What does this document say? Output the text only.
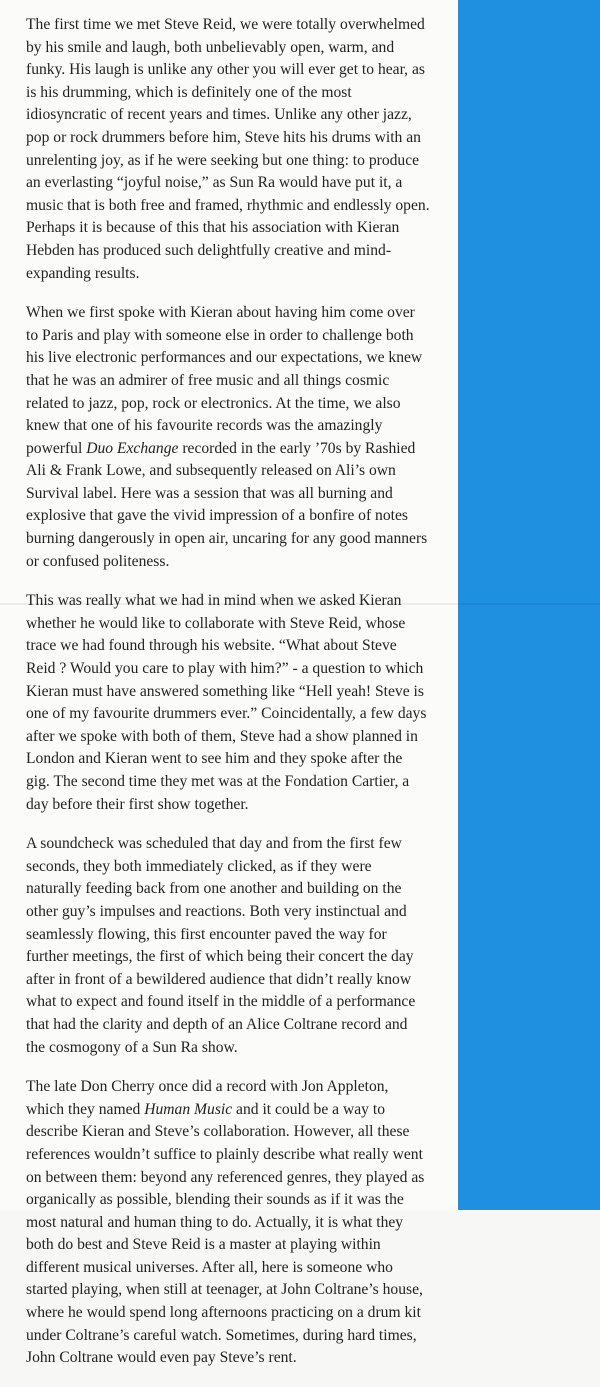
The first time we met Steve Reid, we were totally overwhelmed by his smile and laugh, both unbelievably open, warm, and funky. His laugh is unlike any other you will ever get to hear, as is his drumming, which is definitely one of the most idiosyncratic of recent years and times. Unlike any other jazz, pop or rock drummers before him, Steve hits his drums with an unrelenting joy, as if he were seeking but one thing: to produce an everlasting “joyful noise,” as Sun Ra would have put it, a music that is both free and framed, rhythmic and endlessly open. Perhaps it is because of this that his association with Kieran Hebden has produced such delightfully creative and mind-expanding results.

When we first spoke with Kieran about having him come over to Paris and play with someone else in order to challenge both his live electronic performances and our expectations, we knew that he was an admirer of free music and all things cosmic related to jazz, pop, rock or electronics. At the time, we also knew that one of his favourite records was the amazingly powerful Duo Exchange recorded in the early ’70s by Rashied Ali & Frank Lowe, and subsequently released on Ali’s own Survival label. Here was a session that was all burning and explosive that gave the vivid impression of a bonfire of notes burning dangerously in open air, uncaring for any good manners or confused politeness.

This was really what we had in mind when we asked Kieran whether he would like to collaborate with Steve Reid, whose trace we had found through his website. “What about Steve Reid ? Would you care to play with him?” - a question to which Kieran must have answered something like “Hell yeah! Steve is one of my favourite drummers ever.” Coincidentally, a few days after we spoke with both of them, Steve had a show planned in London and Kieran went to see him and they spoke after the gig. The second time they met was at the Fondation Cartier, a day before their first show together.

A soundcheck was scheduled that day and from the first few seconds, they both immediately clicked, as if they were naturally feeding back from one another and building on the other guy’s impulses and reactions. Both very instinctual and seamlessly flowing, this first encounter paved the way for further meetings, the first of which being their concert the day after in front of a bewildered audience that didn’t really know what to expect and found itself in the middle of a performance that had the clarity and depth of an Alice Coltrane record and the cosmogony of a Sun Ra show.

The late Don Cherry once did a record with Jon Appleton, which they named Human Music and it could be a way to describe Kieran and Steve’s collaboration. However, all these references wouldn’t suffice to plainly describe what really went on between them: beyond any referenced genres, they played as organically as possible, blending their sounds as if it was the most natural and human thing to do. Actually, it is what they both do best and Steve Reid is a master at playing within different musical universes. After all, here is someone who started playing, when still at teenager, at John Coltrane’s house, where he would spend long afternoons practicing on a drum kit under Coltrane’s careful watch. Sometimes, during hard times, John Coltrane would even pay Steve’s rent.
